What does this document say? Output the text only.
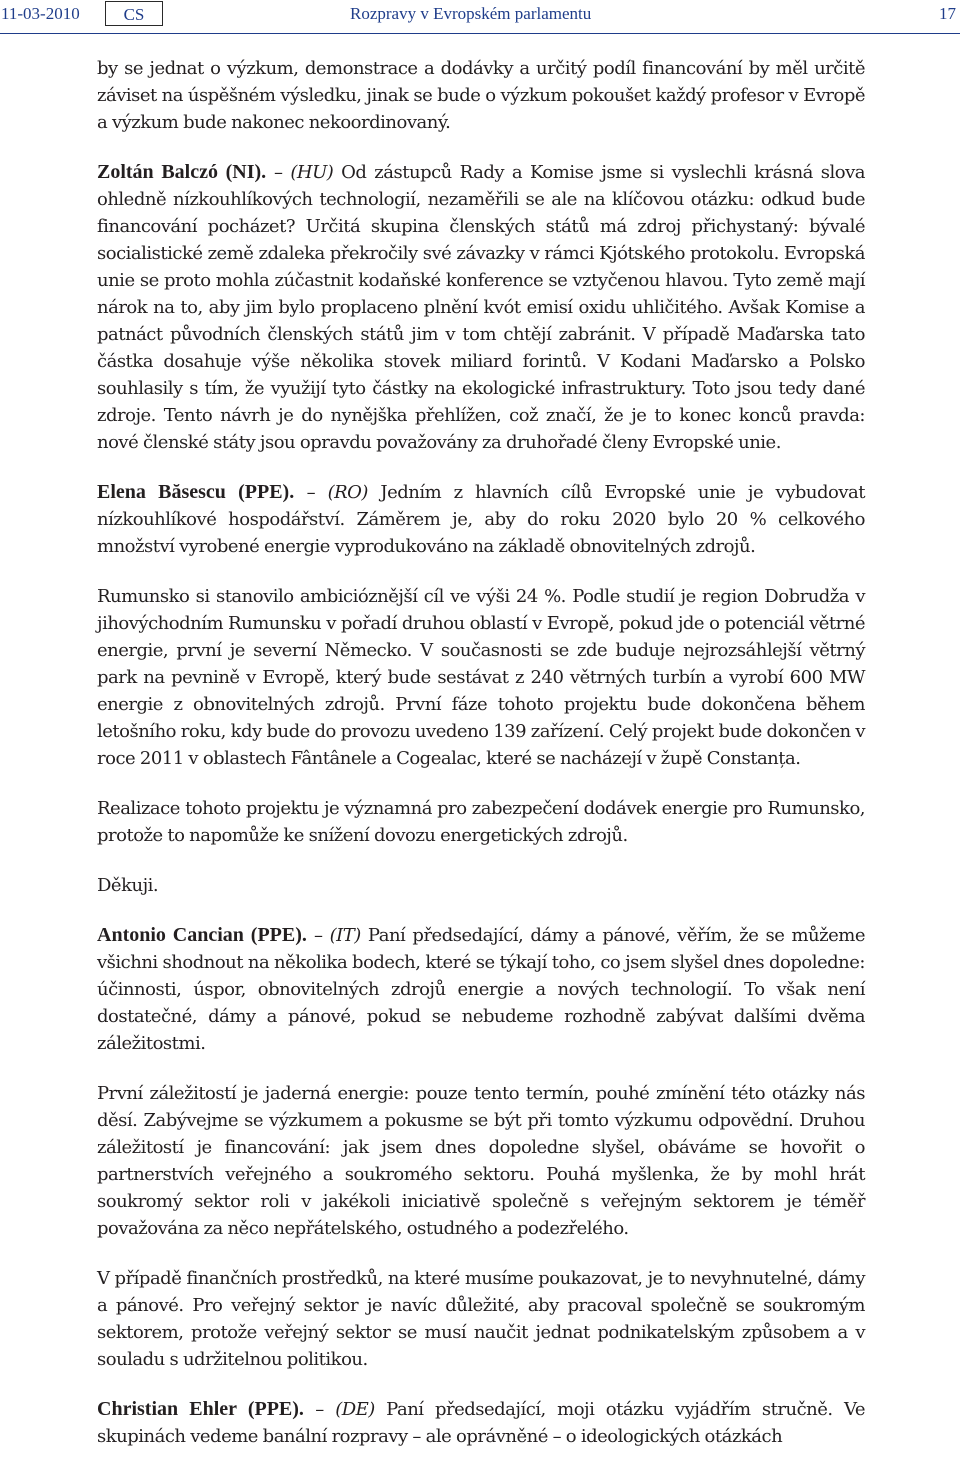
11-03-2010	CS	Rozpravy v Evropském parlamentu	17

by se jednat o výzkum, demonstrace a dodávky a určitý podíl financování by měl určitě záviset na úspěšném výsledku, jinak se bude o výzkum pokoušet každý profesor v Evropě a výzkum bude nakonec nekoordinovaný.

Zoltán Balczó (NI). – (HU) Od zástupců Rady a Komise jsme si vyslechli krásná slova ohledně nízkouhlíkových technologií, nezaměřili se ale na klíčovou otázku: odkud bude financování pocházet? Určitá skupina členských států má zdroj přichystaný: bývalé socialistické země zdaleka překročily své závazky v rámci Kjótského protokolu. Evropská unie se proto mohla zúčastnit kodaňské konference se vztyčenou hlavou. Tyto země mají nárok na to, aby jim bylo proplaceno plnění kvót emisí oxidu uhličitého. Avšak Komise a patnáct původních členských států jim v tom chtějí zabránit. V případě Maďarska tato částka dosahuje výše několika stovek miliard forintů. V Kodani Maďarsko a Polsko souhlasily s tím, že využijí tyto částky na ekologické infrastruktury. Toto jsou tedy dané zdroje. Tento návrh je do nynějška přehlížen, což značí, že je to konec konců pravda: nové členské státy jsou opravdu považovány za druhořadé členy Evropské unie.

Elena Băsescu (PPE). – (RO) Jedním z hlavních cílů Evropské unie je vybudovat nízkouhlíkové hospodářství. Záměrem je, aby do roku 2020 bylo 20 % celkového množství vyrobené energie vyprodukováno na základě obnovitelných zdrojů.

Rumunsko si stanovilo ambicióznější cíl ve výši 24 %. Podle studií je region Dobrudža v jihovýchodním Rumunsku v pořadí druhou oblastí v Evropě, pokud jde o potenciál větrné energie, první je severní Německo. V současnosti se zde buduje nejrozsáhlejší větrný park na pevnině v Evropě, který bude sestávat z 240 větrných turbín a vyrobí 600 MW energie z obnovitelných zdrojů. První fáze tohoto projektu bude dokončena během letošního roku, kdy bude do provozu uvedeno 139 zařízení. Celý projekt bude dokončen v roce 2011 v oblastech Fântânele a Cogealac, které se nacházejí v župě Constanța.

Realizace tohoto projektu je významná pro zabezpečení dodávek energie pro Rumunsko, protože to napomůže ke snížení dovozu energetických zdrojů.

Děkuji.

Antonio Cancian (PPE). – (IT) Paní předsedající, dámy a pánové, věřím, že se můžeme všichni shodnout na několika bodech, které se týkají toho, co jsem slyšel dnes dopoledne: účinnosti, úspor, obnovitelných zdrojů energie a nových technologií. To však není dostatečné, dámy a pánové, pokud se nebudeme rozhodně zabývat dalšími dvěma záležitostmi.

První záležitostí je jaderná energie: pouze tento termín, pouhé zmínění této otázky nás děsí. Zabývejme se výzkumem a pokusme se být při tomto výzkumu odpovědní. Druhou záležitostí je financování: jak jsem dnes dopoledne slyšel, obáváme se hovořit o partnerstvích veřejného a soukromého sektoru. Pouhá myšlenka, že by mohl hrát soukromý sektor roli v jakékoli iniciativě společně s veřejným sektorem je téměř považována za něco nepřátelského, ostudného a podezřelého.

V případě finančních prostředků, na které musíme poukazovat, je to nevyhnutelné, dámy a pánové. Pro veřejný sektor je navíc důležité, aby pracoval společně se soukromým sektorem, protože veřejný sektor se musí naučit jednat podnikatelským způsobem a v souladu s udržitelnou politikou.

Christian Ehler (PPE). – (DE) Paní předsedající, moji otázku vyjádřím stručně. Ve skupinách vedeme banální rozpravy – ale oprávněné – o ideologických otázkách
